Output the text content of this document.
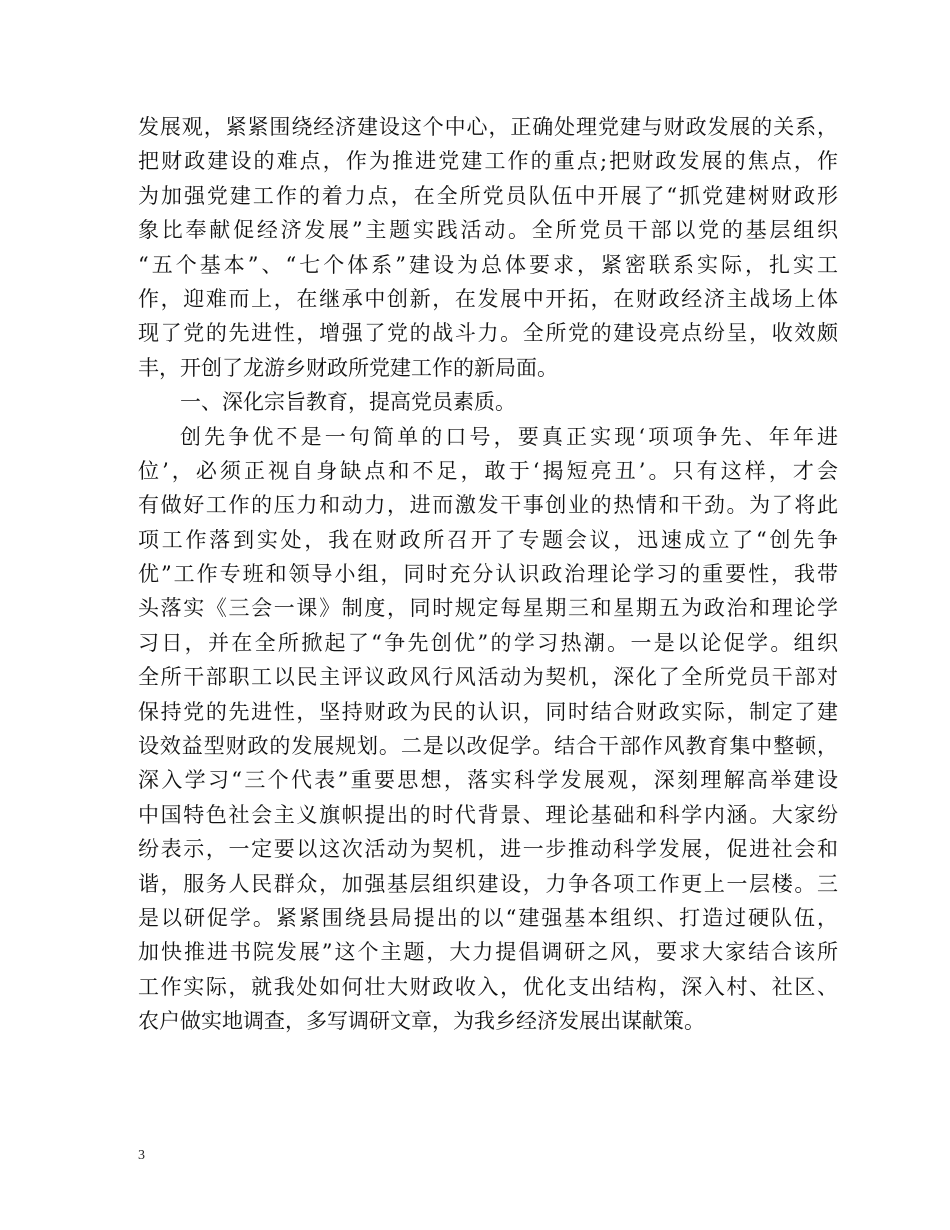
发展观，紧紧围绕经济建设这个中心，正确处理党建与财政发展的关系，
把财政建设的难点，作为推进党建工作的重点;把财政发展的焦点，作
为加强党建工作的着力点，在全所党员队伍中开展了“抓党建树财政形
象比奉献促经济发展”主题实践活动。全所党员干部以党的基层组织
“五个基本”、“七个体系”建设为总体要求，紧密联系实际，扎实工
作，迎难而上，在继承中创新，在发展中开拓，在财政经济主战场上体
现了党的先进性，增强了党的战斗力。全所党的建设亮点纷呈，收效颇
丰，开创了龙游乡财政所党建工作的新局面。
一、深化宗旨教育，提高党员素质。
创先争优不是一句简单的口号，要真正实现‘项项争先、年年进
位’，必须正视自身缺点和不足，敢于‘揭短亮丑’。只有这样，才会
有做好工作的压力和动力，进而激发干事创业的热情和干劲。为了将此
项工作落到实处，我在财政所召开了专题会议，迅速成立了“创先争
优”工作专班和领导小组，同时充分认识政治理论学习的重要性，我带
头落实《三会一课》制度，同时规定每星期三和星期五为政治和理论学
习日，并在全所掀起了“争先创优”的学习热潮。一是以论促学。组织
全所干部职工以民主评议政风行风活动为契机，深化了全所党员干部对
保持党的先进性，坚持财政为民的认识，同时结合财政实际，制定了建
设效益型财政的发展规划。二是以改促学。结合干部作风教育集中整顿，
深入学习“三个代表”重要思想，落实科学发展观，深刻理解高举建设
中国特色社会主义旗帜提出的时代背景、理论基础和科学内涵。大家纷
纷表示，一定要以这次活动为契机，进一步推动科学发展，促进社会和
谐，服务人民群众，加强基层组织建设，力争各项工作更上一层楼。三
是以研促学。紧紧围绕县局提出的以“建强基本组织、打造过硬队伍，
加快推进书院发展”这个主题，大力提倡调研之风，要求大家结合该所
工作实际，就我处如何壮大财政收入，优化支出结构，深入村、社区、
农户做实地调查，多写调研文章，为我乡经济发展出谋献策。
3
